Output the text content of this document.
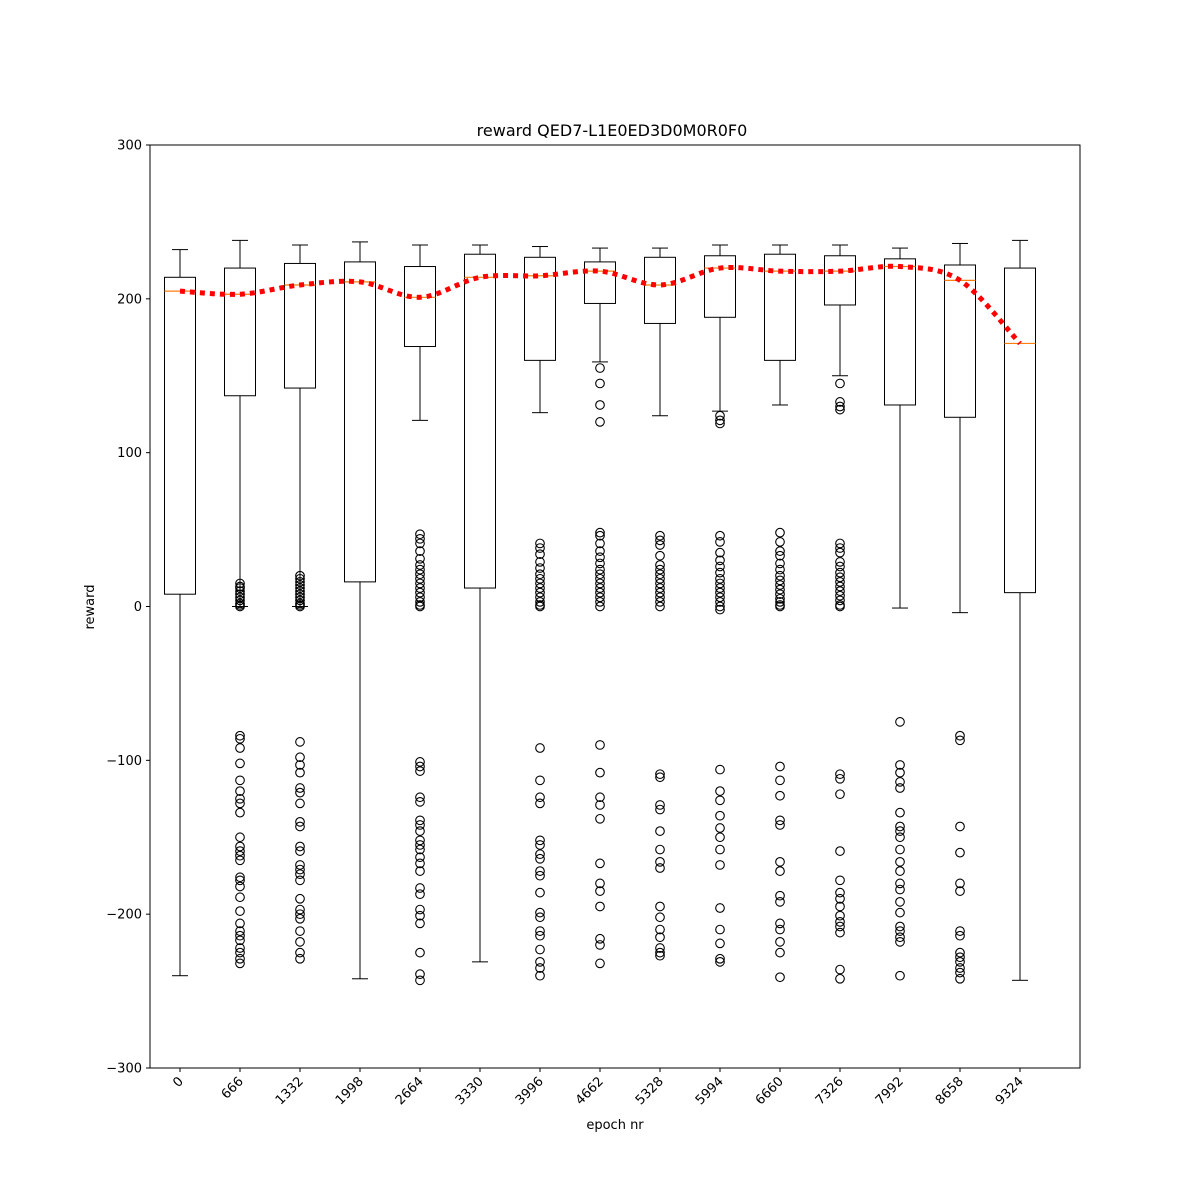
reward QED7-L1E0ED3D0M0R0F0
epoch nr
reward
−300
−200
−100
0
100
200
300
0 666 1332 1998 2664 3330 3996 4662 5328 5994 6660 7326 7992 8658 9324
